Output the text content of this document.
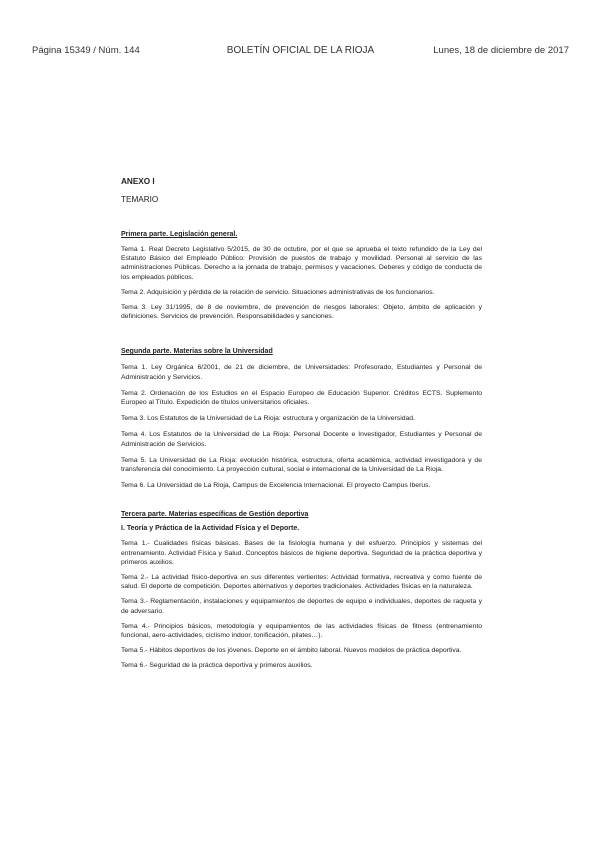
Página 15349 / Núm. 144	BOLETÍN OFICIAL DE LA RIOJA	Lunes, 18 de diciembre de 2017

ANEXO I

TEMARIO

Primera parte. Legislación general.

Tema 1. Real Decreto Legislativo 5/2015, de 30 de octubre, por el que se aprueba el texto refundido de la Ley del Estatuto Básico del Empleado Público: Provisión de puestos de trabajo y movilidad. Personal al servicio de las administraciones Públicas. Derecho a la jornada de trabajo, permisos y vacaciones. Deberes y código de conducta de los empleados públicos.

Tema 2. Adquisición y pérdida de la relación de servicio. Situaciones administrativas de los funcionarios.

Tema 3. Ley 31/1995, de 8 de noviembre, de prevención de riesgos laborales: Objeto, ámbito de aplicación y definiciones. Servicios de prevención. Responsabilidades y sanciones.

Segunda parte. Materias sobre la Universidad

Tema 1. Ley Orgánica 6/2001, de 21 de diciembre, de Universidades: Profesorado, Estudiantes y Personal de Administración y Servicios.

Tema 2. Ordenación de los Estudios en el Espacio Europeo de Educación Superior. Créditos ECTS. Suplemento Europeo al Título. Expedición de títulos universitarios oficiales.

Tema 3. Los Estatutos de la Universidad de La Rioja: estructura y organización de la Universidad.

Tema 4. Los Estatutos de la Universidad de La Rioja: Personal Docente e Investigador, Estudiantes y Personal de Administración de Servicios.

Tema 5. La Universidad de La Rioja: evolución histórica, estructura, oferta académica, actividad investigadora y de transferencia del conocimiento. La proyección cultural, social e internacional de la Universidad de La Rioja.

Tema 6. La Universidad de La Rioja, Campus de Excelencia Internacional. El proyecto Campus Iberus.

Tercera parte. Materias específicas de Gestión deportiva

I. Teoría y Práctica de la Actividad Física y el Deporte.

Tema 1.- Cualidades físicas básicas. Bases de la fisiología humana y del esfuerzo. Principios y sistemas del entrenamiento. Actividad Física y Salud. Conceptos básicos de higiene deportiva. Seguridad de la práctica deportiva y primeros auxilios.

Tema 2.- La actividad físico-deportiva en sus diferentes vertientes: Actividad formativa, recreativa y como fuente de salud. El deporte de competición. Deportes alternativos y deportes tradicionales. Actividades físicas en la naturaleza.

Tema 3.- Reglamentación, instalaciones y equipamientos de deportes de equipo e individuales, deportes de raqueta y de adversario.

Tema 4.- Principios básicos, metodología y equipamientos de las actividades físicas de fitness (entrenamiento funcional, aero-actividades, ciclismo indoor, tonificación, pilates…).

Tema 5.- Hábitos deportivos de los jóvenes. Deporte en el ámbito laboral. Nuevos modelos de práctica deportiva.

Tema 6.- Seguridad de la práctica deportiva y primeros auxilios.
